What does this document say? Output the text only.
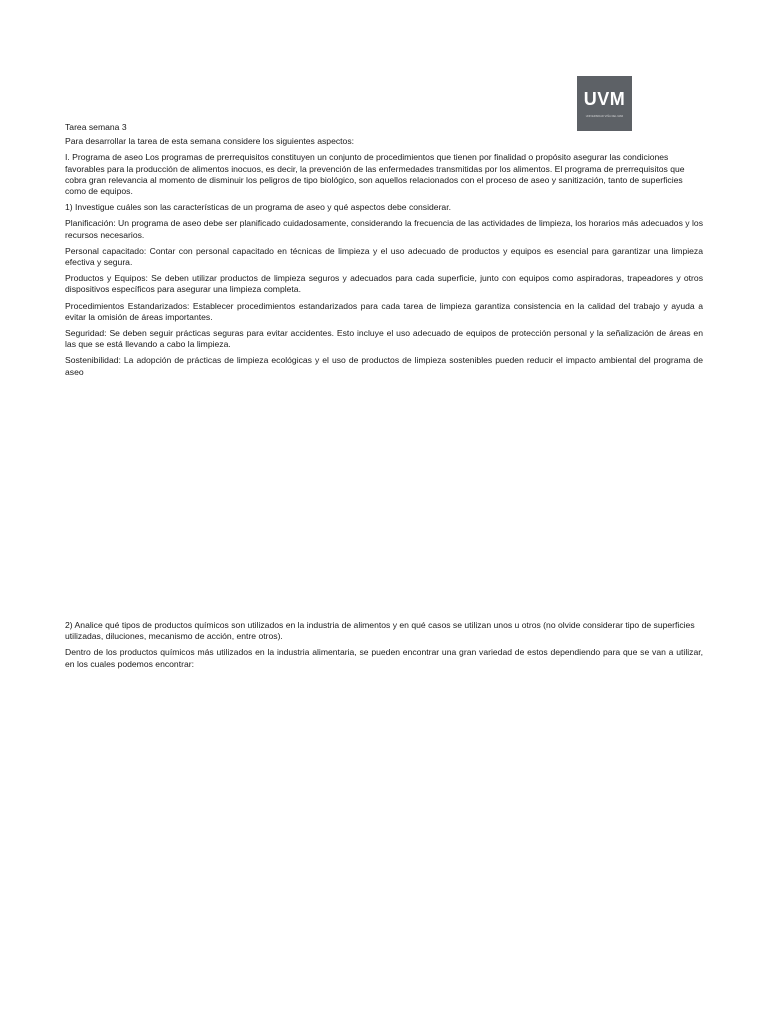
UVM
UNIVERSIDAD VIÑA DEL MAR

Tarea semana 3

Para desarrollar la tarea de esta semana considere los siguientes aspectos:

I. Programa de aseo Los programas de prerrequisitos constituyen un conjunto de procedimientos que tienen por finalidad o propósito asegurar las condiciones favorables para la producción de alimentos inocuos, es decir, la prevención de las enfermedades transmitidas por los alimentos. El programa de prerrequisitos que cobra gran relevancia al momento de disminuir los peligros de tipo biológico, son aquellos relacionados con el proceso de aseo y sanitización, tanto de superficies como de equipos.

1) Investigue cuáles son las características de un programa de aseo y qué aspectos debe considerar.

Planificación: Un programa de aseo debe ser planificado cuidadosamente, considerando la frecuencia de las actividades de limpieza, los horarios más adecuados y los recursos necesarios.

Personal capacitado: Contar con personal capacitado en técnicas de limpieza y el uso adecuado de productos y equipos es esencial para garantizar una limpieza efectiva y segura.

Productos y Equipos: Se deben utilizar productos de limpieza seguros y adecuados para cada superficie, junto con equipos como aspiradoras, trapeadores y otros dispositivos específicos para asegurar una limpieza completa.

Procedimientos Estandarizados: Establecer procedimientos estandarizados para cada tarea de limpieza garantiza consistencia en la calidad del trabajo y ayuda a evitar la omisión de áreas importantes.

Seguridad: Se deben seguir prácticas seguras para evitar accidentes. Esto incluye el uso adecuado de equipos de protección personal y la señalización de áreas en las que se está llevando a cabo la limpieza.

Sostenibilidad: La adopción de prácticas de limpieza ecológicas y el uso de productos de limpieza sostenibles pueden reducir el impacto ambiental del programa de aseo

2) Analice qué tipos de productos químicos son utilizados en la industria de alimentos y en qué casos se utilizan unos u otros (no olvide considerar tipo de superficies utilizadas, diluciones, mecanismo de acción, entre otros).

Dentro de los productos químicos más utilizados en la industria alimentaria, se pueden encontrar una gran variedad de estos dependiendo para que se van a utilizar, en los cuales podemos encontrar:
